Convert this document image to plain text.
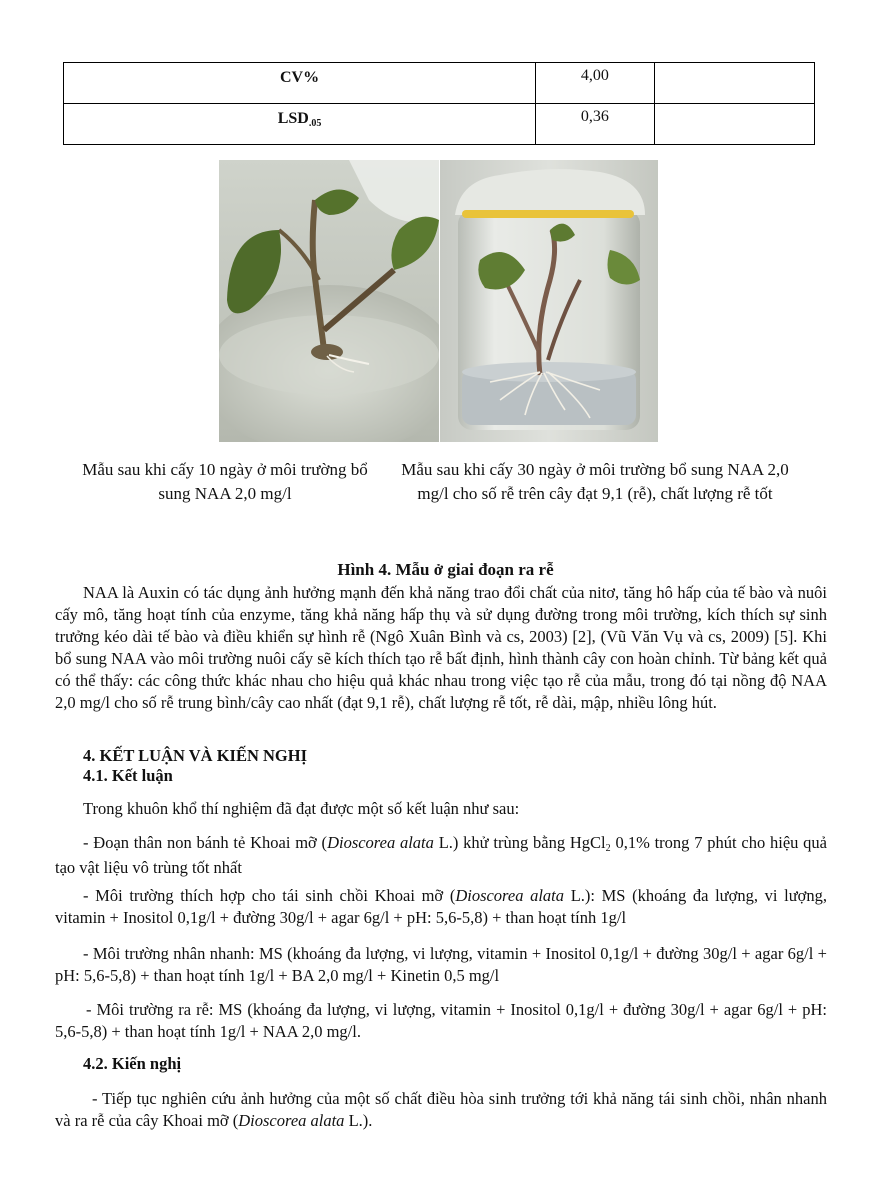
CV%	4,00	
LSD.05	0,36	
Mẫu sau khi cấy 10 ngày ở môi trường bổ sung NAA 2,0 mg/l
Mẫu sau khi cấy 30 ngày ở môi trường bổ sung NAA 2,0 mg/l cho số rễ trên cây đạt 9,1 (rễ), chất lượng rễ tốt
Hình 4. Mẫu ở giai đoạn ra rễ

NAA là Auxin có tác dụng ảnh hưởng mạnh đến khả năng trao đổi chất của nitơ, tăng hô hấp của tế bào và nuôi cấy mô, tăng hoạt tính của enzyme, tăng khả năng hấp thụ và sử dụng đường trong môi trường, kích thích sự sinh trưởng kéo dài tế bào và điều khiển sự hình rễ (Ngô Xuân Bình và cs, 2003) [2], (Vũ Văn Vụ và cs, 2009) [5]. Khi bổ sung NAA vào môi trường nuôi cấy sẽ kích thích tạo rễ bất định, hình thành cây con hoàn chỉnh. Từ bảng kết quả có thể thấy: các công thức khác nhau cho hiệu quả khác nhau trong việc tạo rễ của mẫu, trong đó tại nồng độ NAA 2,0 mg/l cho số rễ trung bình/cây cao nhất (đạt 9,1 rễ), chất lượng rễ tốt, rễ dài, mập, nhiều lông hút.

4. KẾT LUẬN VÀ KIẾN NGHỊ
4.1. Kết luận
Trong khuôn khổ thí nghiệm đã đạt được một số kết luận như sau:

- Đoạn thân non bánh tẻ Khoai mỡ (Dioscorea alata L.) khử trùng bằng HgCl2 0,1% trong 7 phút cho hiệu quả tạo vật liệu vô trùng tốt nhất

- Môi trường thích hợp cho tái sinh chồi Khoai mỡ (Dioscorea alata L.): MS (khoáng đa lượng, vi lượng, vitamin + Inositol 0,1g/l + đường 30g/l + agar 6g/l + pH: 5,6-5,8) + than hoạt tính 1g/l

- Môi trường nhân nhanh: MS (khoáng đa lượng, vi lượng, vitamin + Inositol 0,1g/l + đường 30g/l + agar 6g/l + pH: 5,6-5,8) + than hoạt tính 1g/l + BA 2,0 mg/l + Kinetin 0,5 mg/l

- Môi trường ra rễ: MS (khoáng đa lượng, vi lượng, vitamin + Inositol 0,1g/l + đường 30g/l + agar 6g/l + pH: 5,6-5,8) + than hoạt tính 1g/l + NAA 2,0 mg/l.

4.2. Kiến nghị

- Tiếp tục nghiên cứu ảnh hưởng của một số chất điều hòa sinh trưởng tới khả năng tái sinh chồi, nhân nhanh và ra rễ của cây Khoai mỡ (Dioscorea alata L.).
